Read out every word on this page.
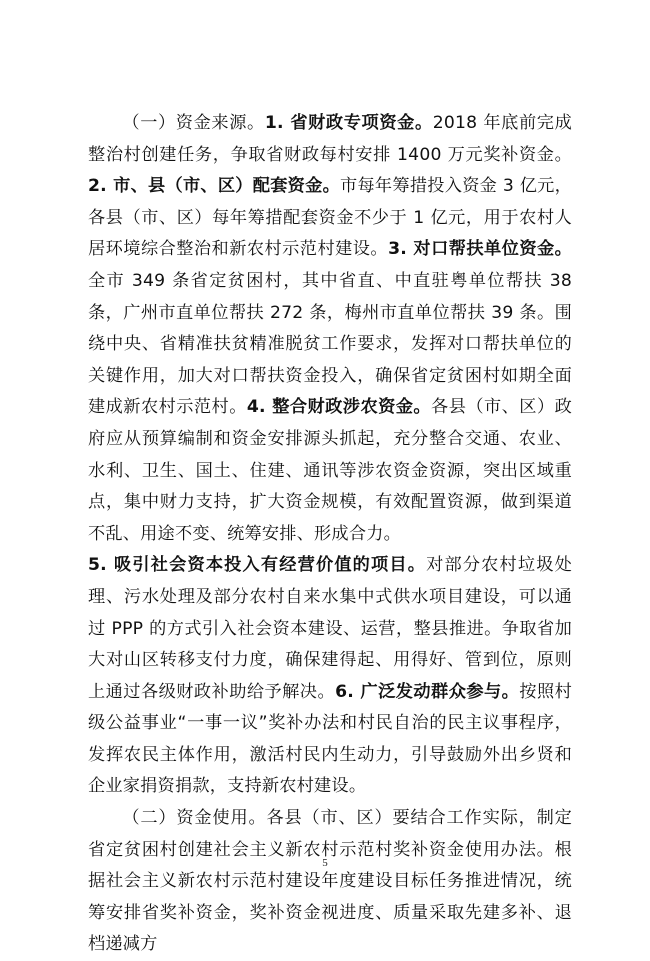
（一）资金来源。1. 省财政专项资金。2018 年底前完成整治村创建任务，争取省财政每村安排 1400 万元奖补资金。2. 市、县（市、区）配套资金。市每年筹措投入资金 3 亿元，各县（市、区）每年筹措配套资金不少于 1 亿元，用于农村人居环境综合整治和新农村示范村建设。3. 对口帮扶单位资金。全市 349 条省定贫困村，其中省直、中直驻粤单位帮扶 38 条，广州市直单位帮扶 272 条，梅州市直单位帮扶 39 条。围绕中央、省精准扶贫精准脱贫工作要求，发挥对口帮扶单位的关键作用，加大对口帮扶资金投入，确保省定贫困村如期全面建成新农村示范村。4. 整合财政涉农资金。各县（市、区）政府应从预算编制和资金安排源头抓起，充分整合交通、农业、水利、卫生、国土、住建、通讯等涉农资金资源，突出区域重点，集中财力支持，扩大资金规模，有效配置资源，做到渠道不乱、用途不变、统筹安排、形成合力。

5. 吸引社会资本投入有经营价值的项目。对部分农村垃圾处理、污水处理及部分农村自来水集中式供水项目建设，可以通过 PPP 的方式引入社会资本建设、运营，整县推进。争取省加大对山区转移支付力度，确保建得起、用得好、管到位，原则上通过各级财政补助给予解决。6. 广泛发动群众参与。按照村级公益事业“一事一议”奖补办法和村民自治的民主议事程序，发挥农民主体作用，激活村民内生动力，引导鼓励外出乡贤和企业家捐资捐款，支持新农村建设。

（二）资金使用。各县（市、区）要结合工作实际，制定省定贫困村创建社会主义新农村示范村奖补资金使用办法。根据社会主义新农村示范村建设年度建设目标任务推进情况，统筹安排省奖补资金，奖补资金视进度、质量采取先建多补、退档递减方

5
